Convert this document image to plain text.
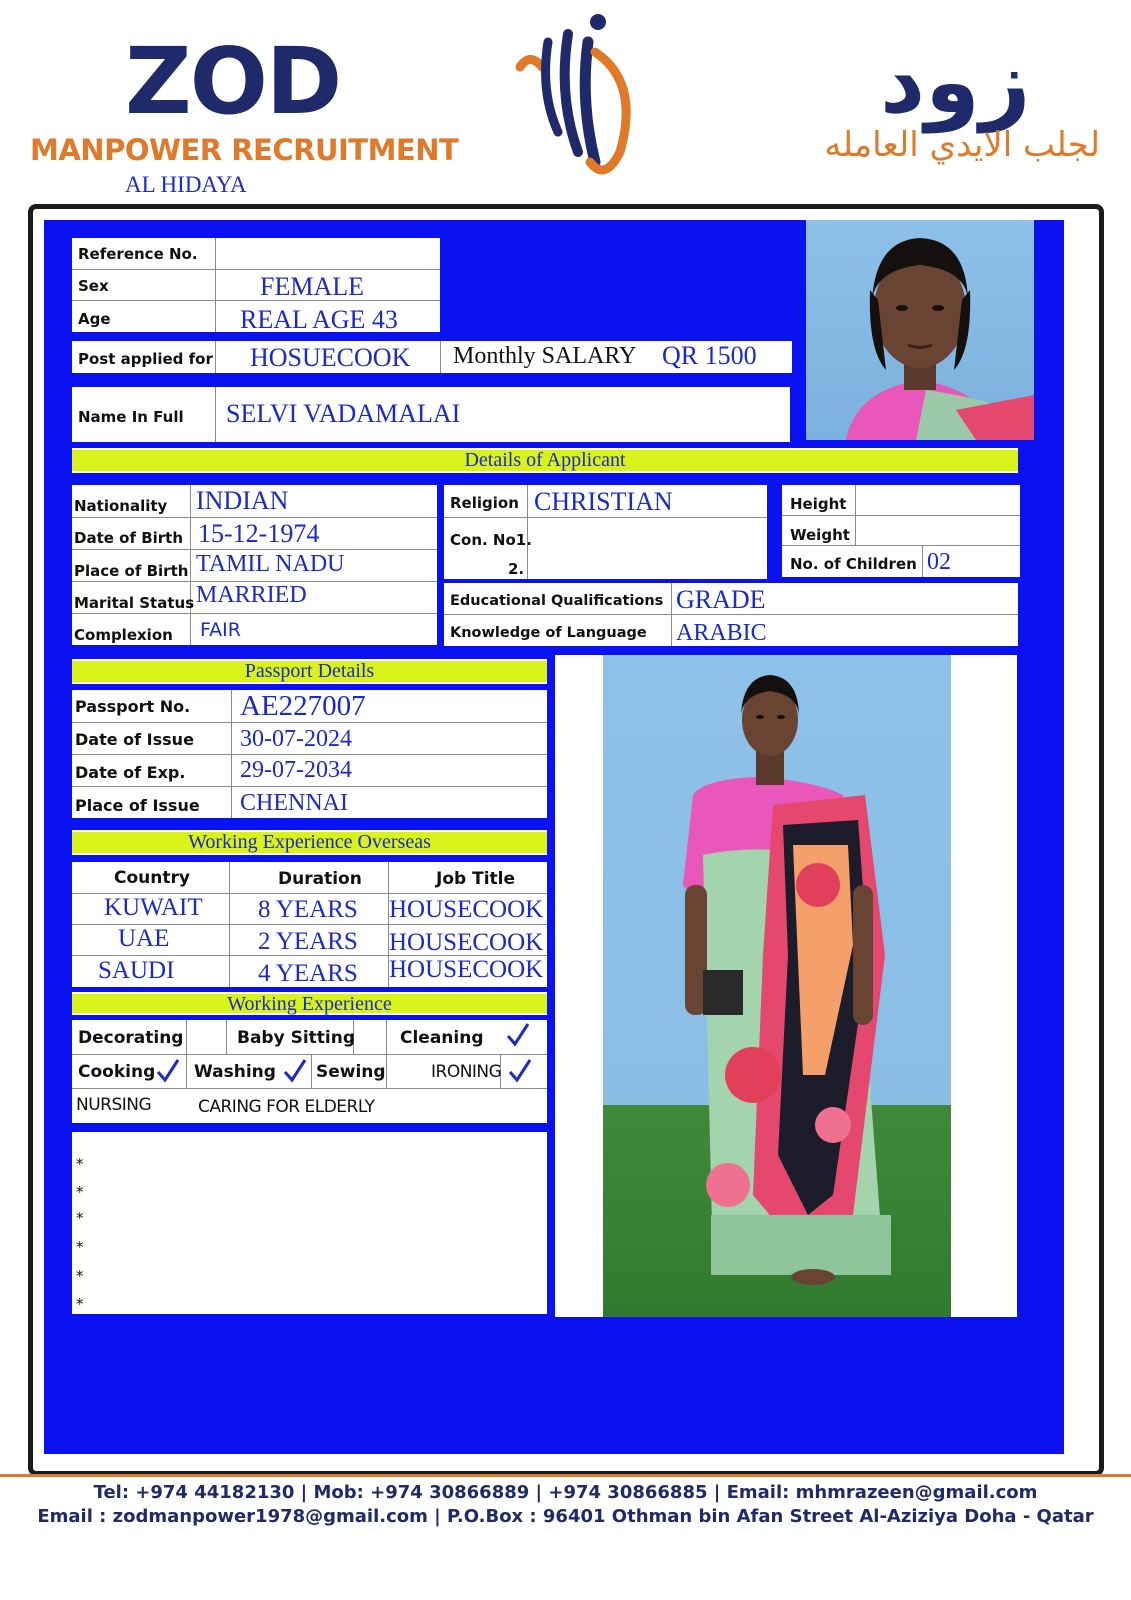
ZOD
MANPOWER RECRUITMENT
AL HIDAYA
زود
لجلب الايدي العامله
Reference No.
Sex	FEMALE
Age	REAL AGE 43
Post applied for HOSUECOOK Monthly SALARY QR 1500
Name In Full SELVI VADAMALAI
Details of Applicant
Nationality INDIAN
Date of Birth 15-12-1974
Place of Birth TAMIL NADU
Marital Status MARRIED
Complexion FAIR
Religion CHRISTIAN
Con. No1.
2.
Height
Weight
No. of Children 02
Educational Qualifications GRADE
Knowledge of Language ARABIC
Passport Details
Passport No. AE227007
Date of Issue 30-07-2024
Date of Exp. 29-07-2034
Place of Issue CHENNAI
Working Experience Overseas
Country	Duration	Job Title
KUWAIT 8 YEARS HOUSECOOK
UAE	2 YEARS HOUSECOOK
SAUDI	4 YEARS HOUSECOOK
Working Experience
Decorating	Baby Sitting	Cleaning
Cooking Washing Sewing	IRONING
NURSING	CARING FOR ELDERLY
*
*
*
*
*
*
Tel: +974 44182130 | Mob: +974 30866889 | +974 30866885 | Email: mhmrazeen@gmail.com
Email : zodmanpower1978@gmail.com | P.O.Box : 96401 Othman bin Afan Street Al-Aziziya Doha - Qatar
